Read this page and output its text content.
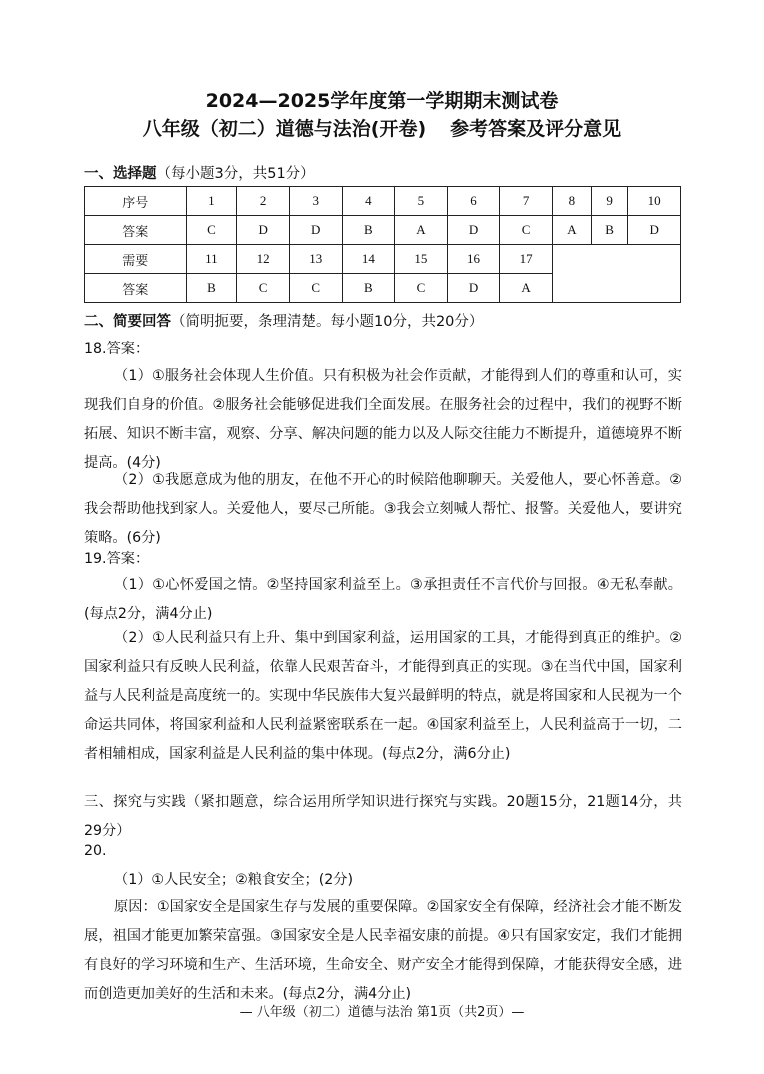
2024—2025学年度第一学期期末测试卷
八年级（初二）道德与法治(开卷) 参考答案及评分意见
一、选择题（每小题3分，共51分）
序号	1	2	3	4	5	6	7	8	9	10
答案	C	D	D	B	A	D	C	A	B	D
需要	11	12	13	14	15	16	17			
答案	B	C	C	B	C	D	A			
二、简要回答（简明扼要，条理清楚。每小题10分，共20分）
18.答案：
（1）①服务社会体现人生价值。只有积极为社会作贡献，才能得到人们的尊重和认可，实现我们自身的价值。②服务社会能够促进我们全面发展。在服务社会的过程中，我们的视野不断拓展、知识不断丰富，观察、分享、解决问题的能力以及人际交往能力不断提升，道德境界不断提高。(4分)
（2）①我愿意成为他的朋友，在他不开心的时候陪他聊聊天。关爱他人，要心怀善意。②我会帮助他找到家人。关爱他人，要尽己所能。③我会立刻喊人帮忙、报警。关爱他人，要讲究策略。(6分)
19.答案：
（1）①心怀爱国之情。②坚持国家利益至上。③承担责任不言代价与回报。④无私奉献。(每点2分，满4分止)
（2）①人民利益只有上升、集中到国家利益，运用国家的工具，才能得到真正的维护。②国家利益只有反映人民利益，依靠人民艰苦奋斗，才能得到真正的实现。③在当代中国，国家利益与人民利益是高度统一的。实现中华民族伟大复兴最鲜明的特点，就是将国家和人民视为一个命运共同体，将国家利益和人民利益紧密联系在一起。④国家利益至上，人民利益高于一切，二者相辅相成，国家利益是人民利益的集中体现。(每点2分，满6分止)
三、探究与实践（紧扣题意，综合运用所学知识进行探究与实践。20题15分，21题14分，共29分）
20.
（1）①人民安全；②粮食安全；(2分)
原因：①国家安全是国家生存与发展的重要保障。②国家安全有保障，经济社会才能不断发展，祖国才能更加繁荣富强。③国家安全是人民幸福安康的前提。④只有国家安定，我们才能拥有良好的学习环境和生产、生活环境，生命安全、财产安全才能得到保障，才能获得安全感，进而创造更加美好的生活和未来。(每点2分，满4分止)
— 八年级（初二）道德与法治 第1页（共2页）—
